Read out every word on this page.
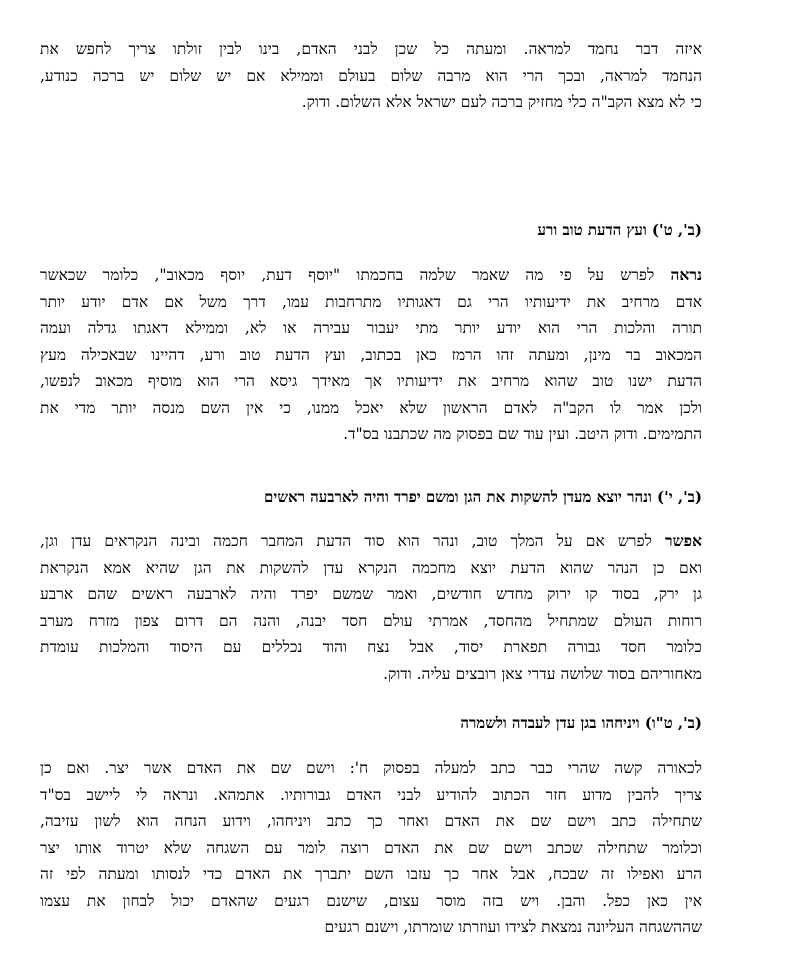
איזה דבר נחמד למראה. ומעתה כל שכן לבני האדם, בינו לבין זולתו צריך לחפש את
הנחמד למראה, ובכך הרי הוא מרבה שלום בעולם וממילא אם יש שלום יש ברכה כנודע,
כי לא מצא הקב"ה כלי מחזיק ברכה לעם ישראל אלא השלום. ודוק.
(ב', ט') ועץ הדעת טוב ורע
נראה לפרש על פי מה שאמר שלמה בחכמתו "יוסף דעת, יוסף מכאוב", כלומר שכאשר
אדם מרחיב את ידיעותיו הרי גם דאגותיו מתרחבות עמו, דרך משל אם אדם יודע יותר
תורה והלכות הרי הוא יודע יותר מתי יעבור עבירה או לא, וממילא דאגתו גדלה ועמה
המכאוב בר מינן, ומעתה זהו הרמז כאן בכתוב, ועץ הדעת טוב ורע, דהיינו שבאכילה מעץ
הדעת ישנו טוב שהוא מרחיב את ידיעותיו אך מאידך גיסא הרי הוא מוסיף מכאוב לנפשו,
ולכן אמר לו הקב"ה לאדם הראשון שלא יאכל ממנו, כי אין השם מנסה יותר מדי את
התמימים. ודוק היטב. ועין עוד שם בפסוק מה שכתבנו בס"ד.
(ב', י') ונהר יוצא מעדן להשקות את הגן ומשם יפרד והיה לארבעה ראשים
אפשר לפרש אם על המלך טוב, ונהר הוא סוד הדעת המחבר חכמה ובינה הנקראים עדן וגן,
ואם כן הנהר שהוא הדעת יוצא מחכמה הנקרא עדן להשקות את הגן שהיא אמא הנקראת
גן ירק, בסוד קו ירוק מחדש חודשים, ואמר שמשם יפרד והיה לארבעה ראשים שהם ארבע
רוחות העולם שמתחיל מהחסד, אמרתי עולם חסד יבנה, והנה הם דרום צפון מזרח מערב
כלומר חסד גבורה תפארת יסוד, אבל נצח והוד נכללים עם היסוד והמלכות עומדת
מאחוריהם בסוד שלושה עדרי צאן רובצים עליה. ודוק.
(ב', ט"ו) ויניחהו בגן עדן לעבדה ולשמרה
לכאורה קשה שהרי כבר כתב למעלה בפסוק ח': וישם שם את האדם אשר יצר. ואם כן
צריך להבין מדוע חזר הכתוב להודיע לבני האדם גבורותיו. אתמהא. ונראה לי ליישב בס"ד
שתחילה כתב וישם שם את האדם ואחר כך כתב ויניחהו, וידוע הנחה הוא לשון עזיבה,
וכלומר שתחילה שכתב וישם שם את האדם רוצה לומר עם השגחה שלא יטרוד אותו יצר
הרע ואפילו זה שבכח, אבל אחר כך עזבו השם יתברך את האדם כדי לנסותו ומעתה לפי זה
אין כאן כפל. והבן. ויש בזה מוסר עצום, שישנם רגעים שהאדם יכול לבחון את עצמו
שההשגחה העליונה נמצאת לצידו ועוזרתו שומרתו, וישנם רגעים
